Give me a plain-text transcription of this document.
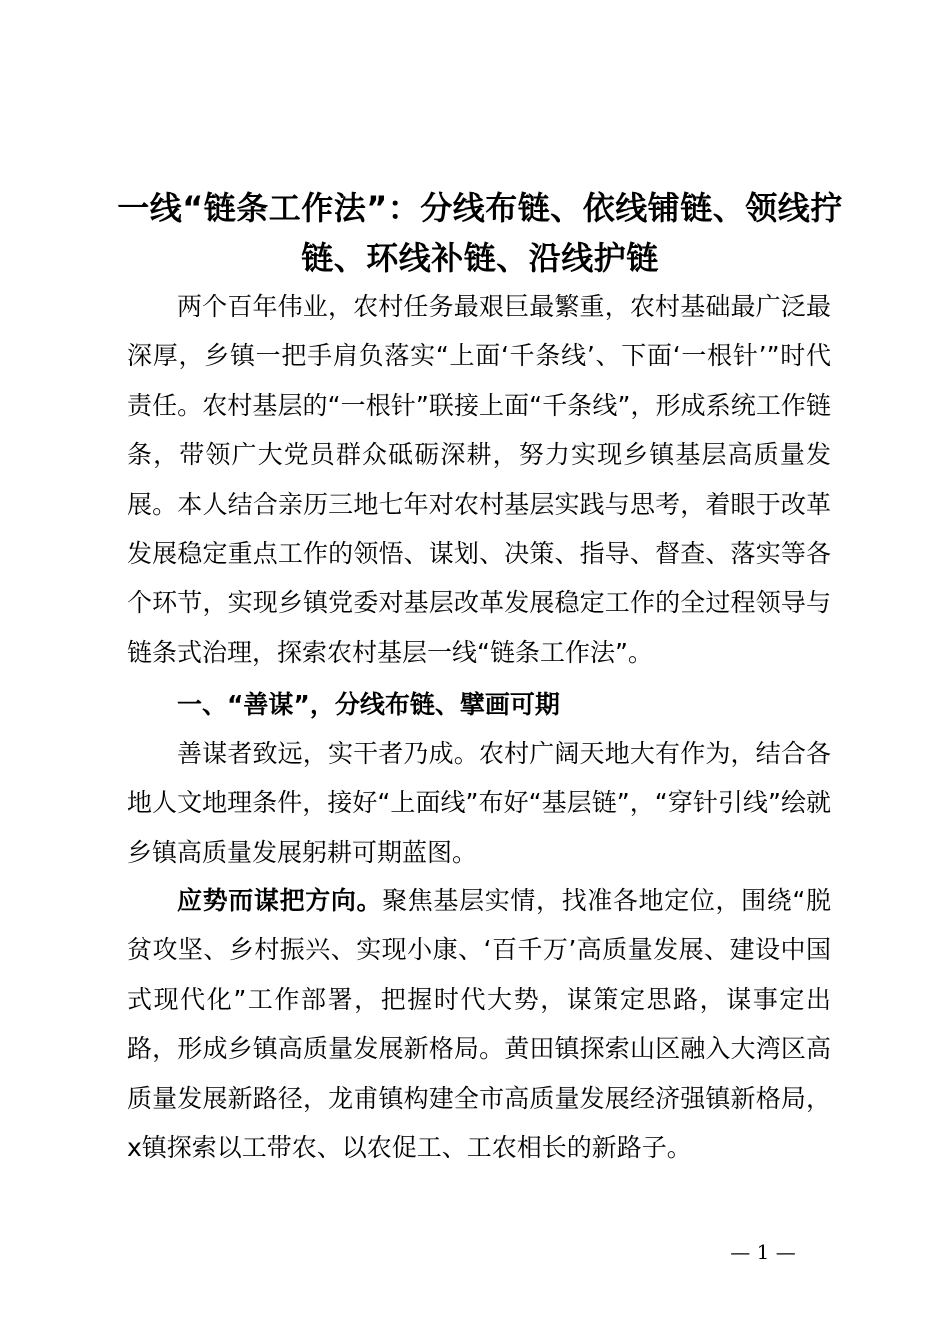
一线“链条工作法”：分线布链、依线铺链、领线拧链、环线补链、沿线护链

两个百年伟业，农村任务最艰巨最繁重，农村基础最广泛最深厚，乡镇一把手肩负落实“上面‘千条线’、下面‘一根针’”时代责任。农村基层的“一根针”联接上面“千条线”，形成系统工作链条，带领广大党员群众砥砺深耕，努力实现乡镇基层高质量发展。本人结合亲历三地七年对农村基层实践与思考，着眼于改革发展稳定重点工作的领悟、谋划、决策、指导、督查、落实等各个环节，实现乡镇党委对基层改革发展稳定工作的全过程领导与链条式治理，探索农村基层一线“链条工作法”。

一、“善谋”，分线布链、擘画可期

善谋者致远，实干者乃成。农村广阔天地大有作为，结合各地人文地理条件，接好“上面线”布好“基层链”，“穿针引线”绘就乡镇高质量发展躬耕可期蓝图。

应势而谋把方向。聚焦基层实情，找准各地定位，围绕“脱贫攻坚、乡村振兴、实现小康、‘百千万’高质量发展、建设中国式现代化”工作部署，把握时代大势，谋策定思路，谋事定出路，形成乡镇高质量发展新格局。黄田镇探索山区融入大湾区高质量发展新路径，龙甫镇构建全市高质量发展经济强镇新格局，x镇探索以工带农、以农促工、工农相长的新路子。

— 1 —
